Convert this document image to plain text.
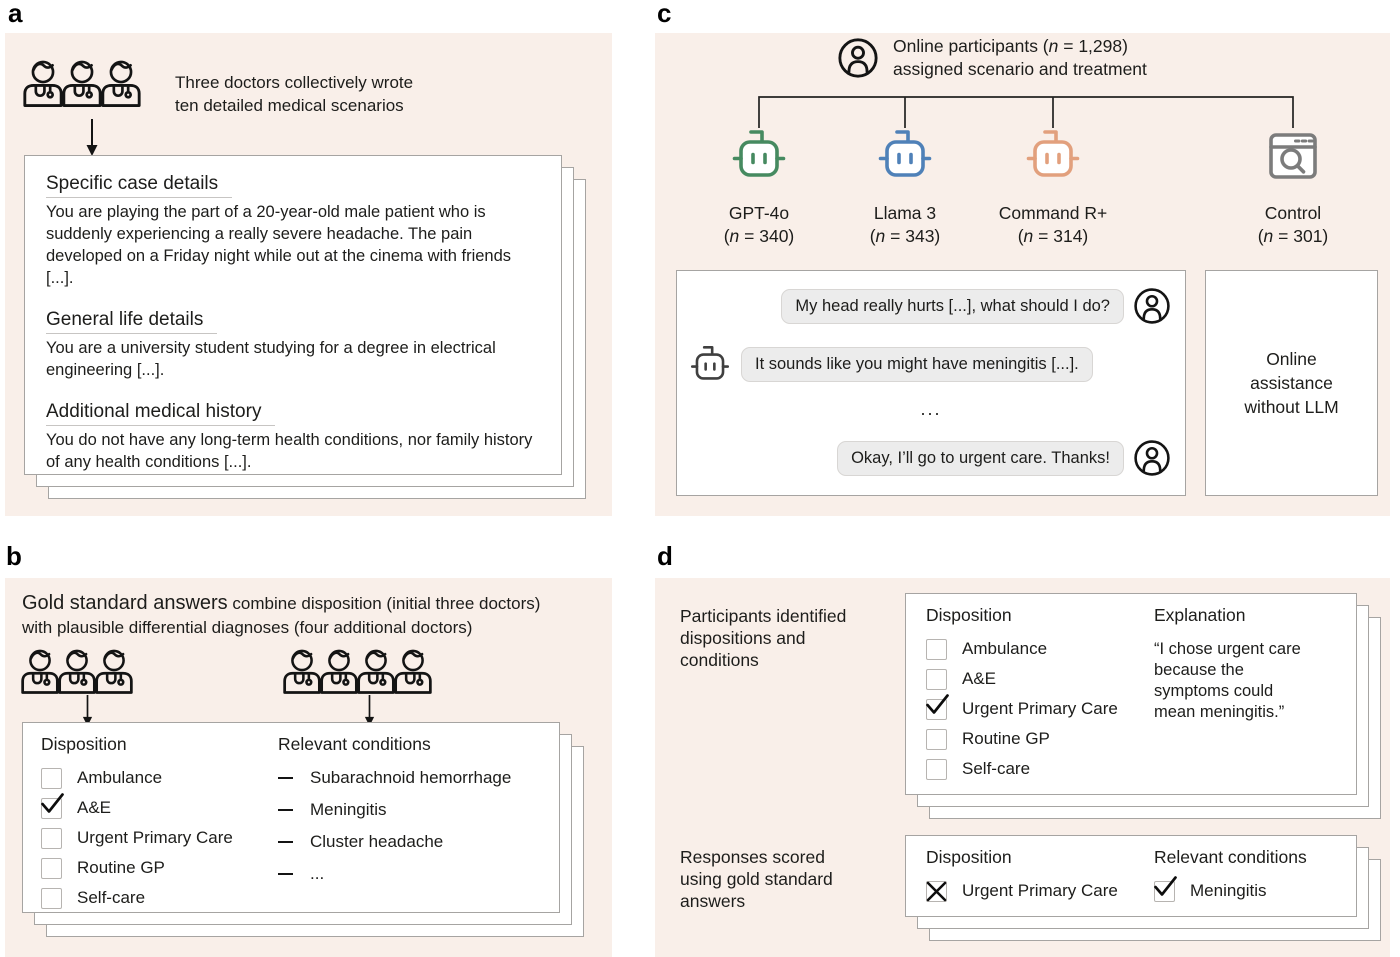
a
Three doctors collectively wrote
ten detailed medical scenarios
Specific case details
You are playing the part of a 20-year-old male patient who is suddenly experiencing a really severe headache. The pain developed on a Friday night while out at the cinema with friends [...].
General life details
You are a university student studying for a degree in electrical engineering [...].
Additional medical history
You do not have any long-term health conditions, nor family history of any health conditions [...].
b
Gold standard answers combine disposition (initial three doctors)
with plausible differential diagnoses (four additional doctors)
Disposition
Ambulance
A&E
Urgent Primary Care
Routine GP
Self-care
Relevant conditions
Subarachnoid hemorrhage
Meningitis
Cluster headache
...
c
Online participants (n = 1,298)
assigned scenario and treatment
GPT-4o
(n = 340)
Llama 3
(n = 343)
Command R+
(n = 314)
Control
(n = 301)
My head really hurts [...], what should I do?
It sounds like you might have meningitis [...].
...
Okay, I’ll go to urgent care. Thanks!
Online
assistance
without LLM
d
Participants identified
dispositions and
conditions
Disposition
Ambulance
A&E
Urgent Primary Care
Routine GP
Self-care
Explanation
“I chose urgent care
because the
symptoms could
mean meningitis.”
Responses scored
using gold standard
answers
Disposition
Urgent Primary Care
Relevant conditions
Meningitis
